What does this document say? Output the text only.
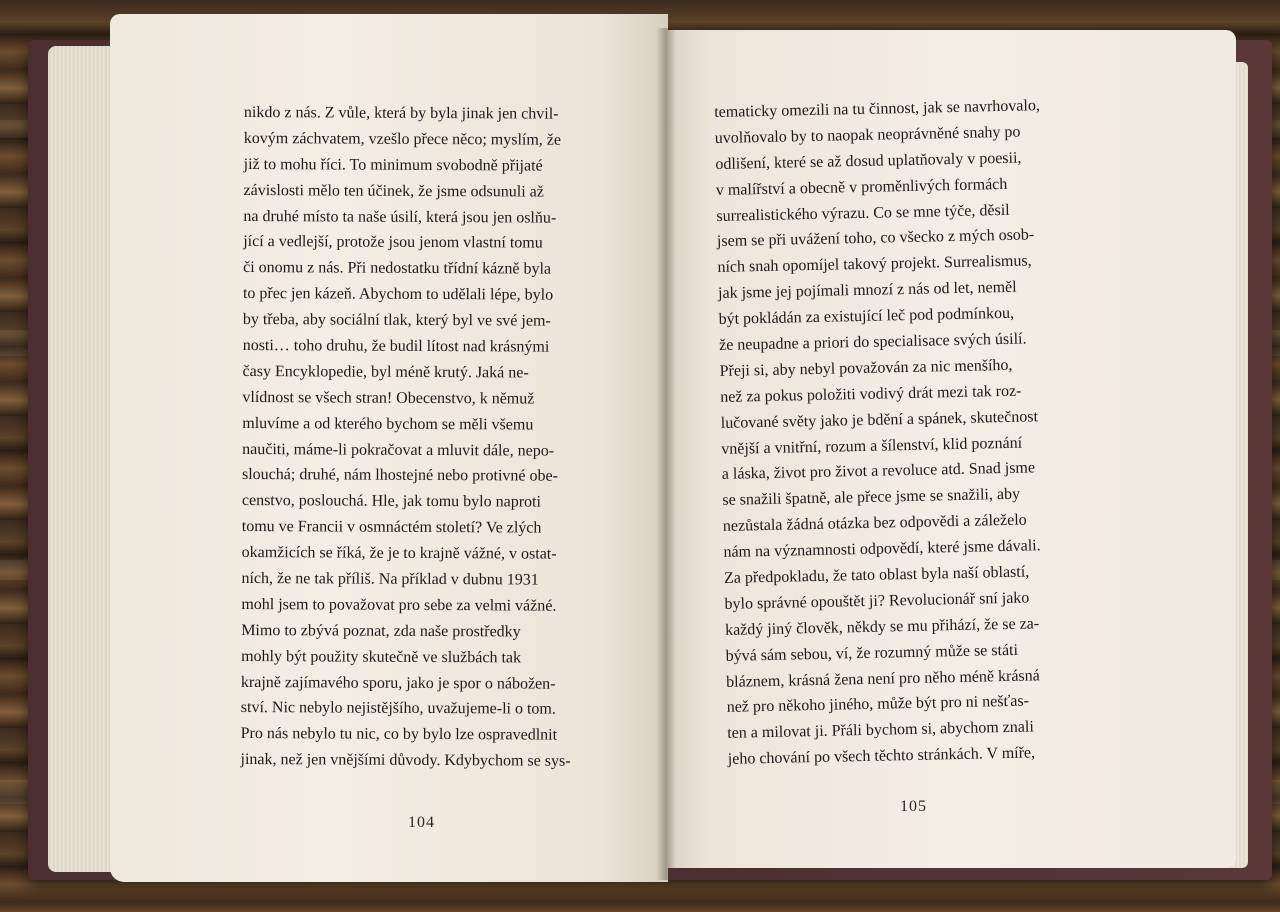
nikdo z nás. Z vůle, která by byla jinak jen chvil-
kovým záchvatem, vzešlo přece něco; myslím, že
již to mohu říci. To minimum svobodně přijaté
závislosti mělo ten účinek, že jsme odsunuli až
na druhé místo ta naše úsilí, která jsou jen oslňu-
jící a vedlejší, protože jsou jenom vlastní tomu
či onomu z nás. Při nedostatku třídní kázně byla
to přec jen kázeň. Abychom to udělali lépe, bylo
by třeba, aby sociální tlak, který byl ve své jem-
nosti… toho druhu, že budil lítost nad krásnými
časy Encyklopedie, byl méně krutý. Jaká ne-
vlídnost se všech stran! Obecenstvo, k němuž
mluvíme a od kterého bychom se měli všemu
naučiti, máme-li pokračovat a mluvit dále, nepo-
slouchá; druhé, nám lhostejné nebo protivné obe-
censtvo, poslouchá. Hle, jak tomu bylo naproti
tomu ve Francii v osmnáctém století? Ve zlých
okamžicích se říká, že je to krajně vážné, v ostat-
ních, že ne tak příliš. Na příklad v dubnu 1931
mohl jsem to považovat pro sebe za velmi vážné.
Mimo to zbývá poznat, zda naše prostředky
mohly být použity skutečně ve službách tak
krajně zajímavého sporu, jako je spor o nábožen-
ství. Nic nebylo nejistějšího, uvažujeme-li o tom.
Pro nás nebylo tu nic, co by bylo lze ospravedlnit
jinak, než jen vnějšími důvody. Kdybychom se sys-
104
tematicky omezili na tu činnost, jak se navrhovalo,
uvolňovalo by to naopak neoprávněné snahy po
odlišení, které se až dosud uplatňovaly v poesii,
v malířství a obecně v proměnlivých formách
surrealistického výrazu. Co se mne týče, děsil
jsem se při uvážení toho, co všecko z mých osob-
ních snah opomíjel takový projekt. Surrealismus,
jak jsme jej pojímali mnozí z nás od let, neměl
být pokládán za existující leč pod podmínkou,
že neupadne a priori do specialisace svých úsilí.
Přeji si, aby nebyl považován za nic menšího,
než za pokus položiti vodivý drát mezi tak roz-
lučované světy jako je bdění a spánek, skutečnost
vnější a vnitřní, rozum a šílenství, klid poznání
a láska, život pro život a revoluce atd. Snad jsme
se snažili špatně, ale přece jsme se snažili, aby
nezůstala žádná otázka bez odpovědi a záleželo
nám na významnosti odpovědí, které jsme dávali.
Za předpokladu, že tato oblast byla naší oblastí,
bylo správné opouštět ji? Revolucionář sní jako
každý jiný člověk, někdy se mu přihází, že se za-
bývá sám sebou, ví, že rozumný může se státi
bláznem, krásná žena není pro něho méně krásná
než pro někoho jiného, může být pro ni nešťas-
ten a milovat ji. Přáli bychom si, abychom znali
jeho chování po všech těchto stránkách. V míře,
105
